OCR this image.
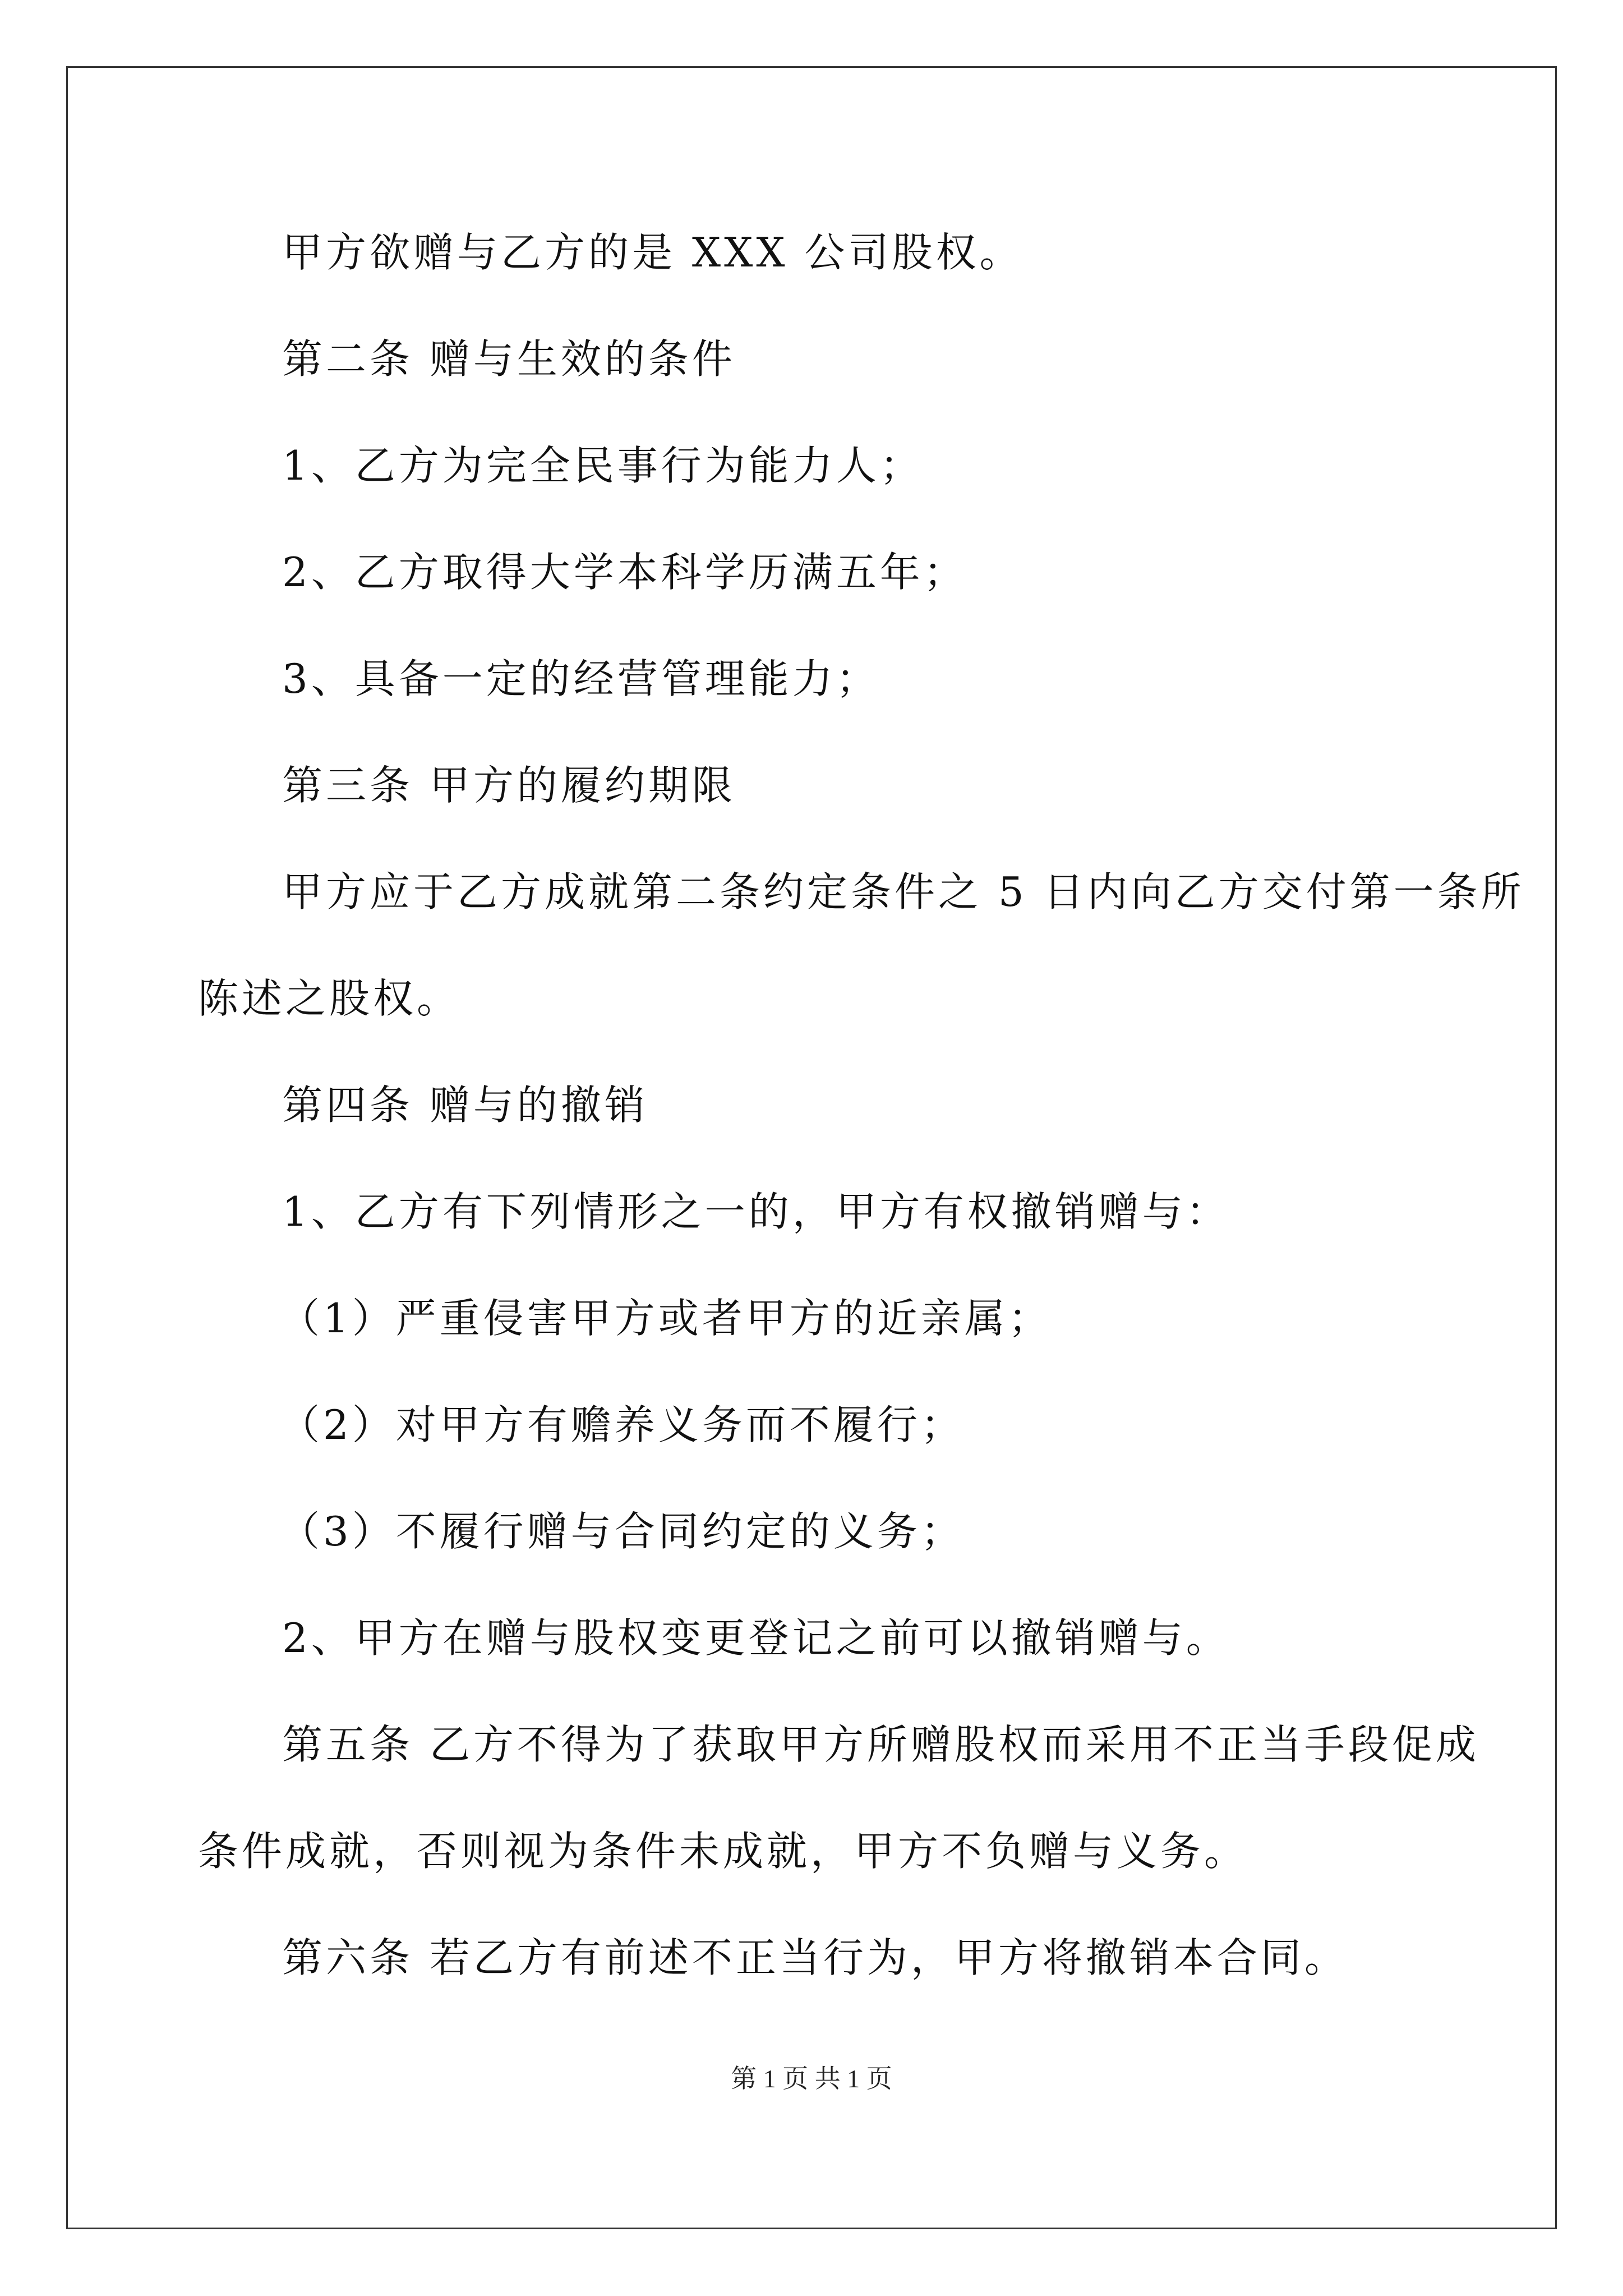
甲方欲赠与乙方的是 XXX 公司股权。
第二条 赠与生效的条件
1、乙方为完全民事行为能力人；
2、乙方取得大学本科学历满五年；
3、具备一定的经营管理能力；
第三条 甲方的履约期限
甲方应于乙方成就第二条约定条件之 5 日内向乙方交付第一条所
陈述之股权。
第四条 赠与的撤销
1、乙方有下列情形之一的，甲方有权撤销赠与：
（1）严重侵害甲方或者甲方的近亲属；
（2）对甲方有赡养义务而不履行；
（3）不履行赠与合同约定的义务；
2、甲方在赠与股权变更登记之前可以撤销赠与。
第五条 乙方不得为了获取甲方所赠股权而采用不正当手段促成
条件成就，否则视为条件未成就，甲方不负赠与义务。
第六条 若乙方有前述不正当行为，甲方将撤销本合同。
第 1 页 共 1 页
